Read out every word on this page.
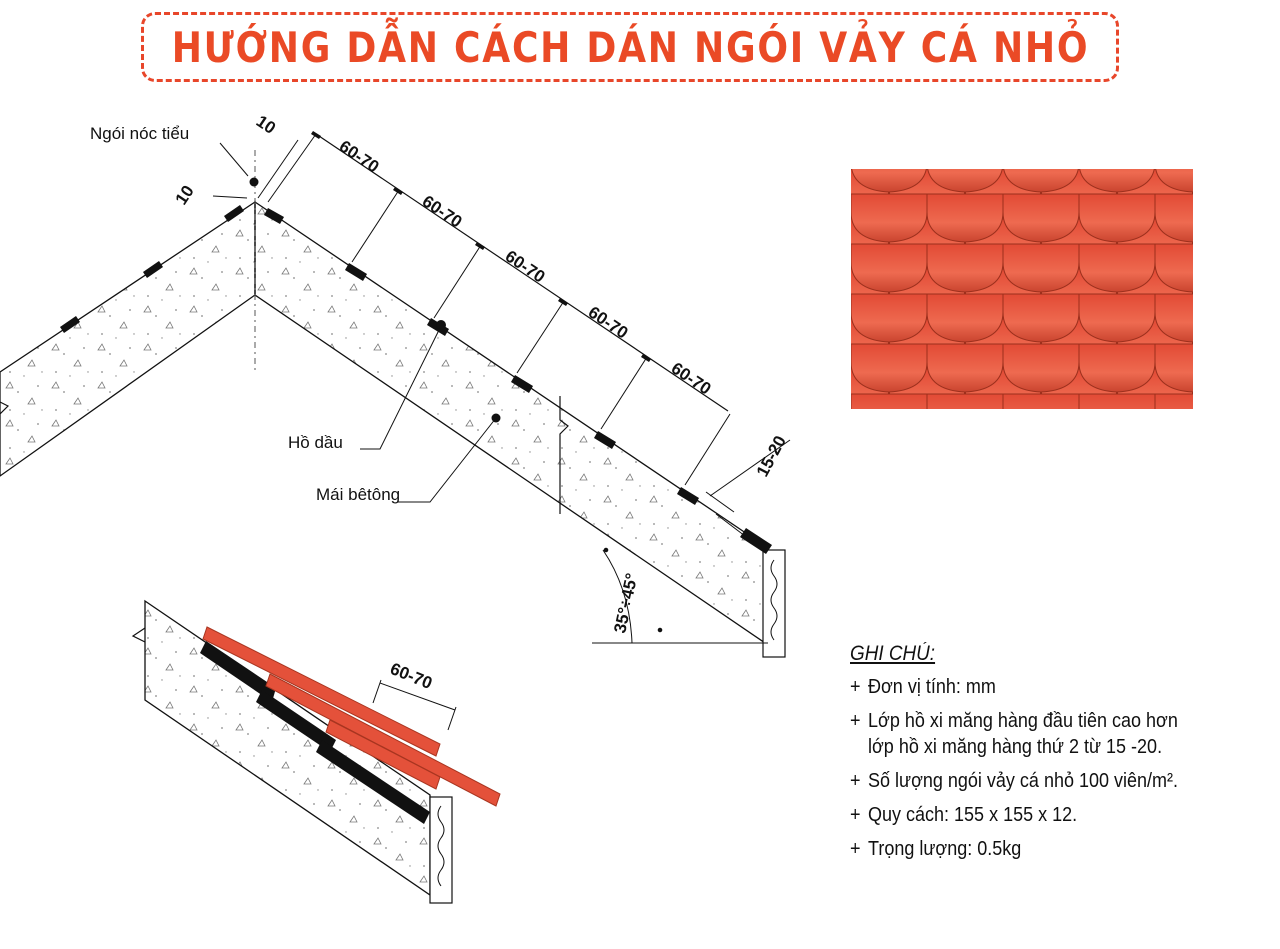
HƯỚNG DẪN CÁCH DÁN NGÓI VẢY CÁ NHỎ
Ngói nóc tiểu
Hồ dầu
Mái bêtông
10
10
60-70
60-70
60-70
60-70
60-70
15-20
35°÷45°
60-70
GHI CHÚ:
+ Đơn vị tính: mm
+ Lớp hồ xi măng hàng đầu tiên cao hơn
lớp hồ xi măng hàng thứ 2 từ 15 -20.
+ Số lượng ngói vảy cá nhỏ 100 viên/m².
+ Quy cách: 155 x 155 x 12.
+ Trọng lượng: 0.5kg
